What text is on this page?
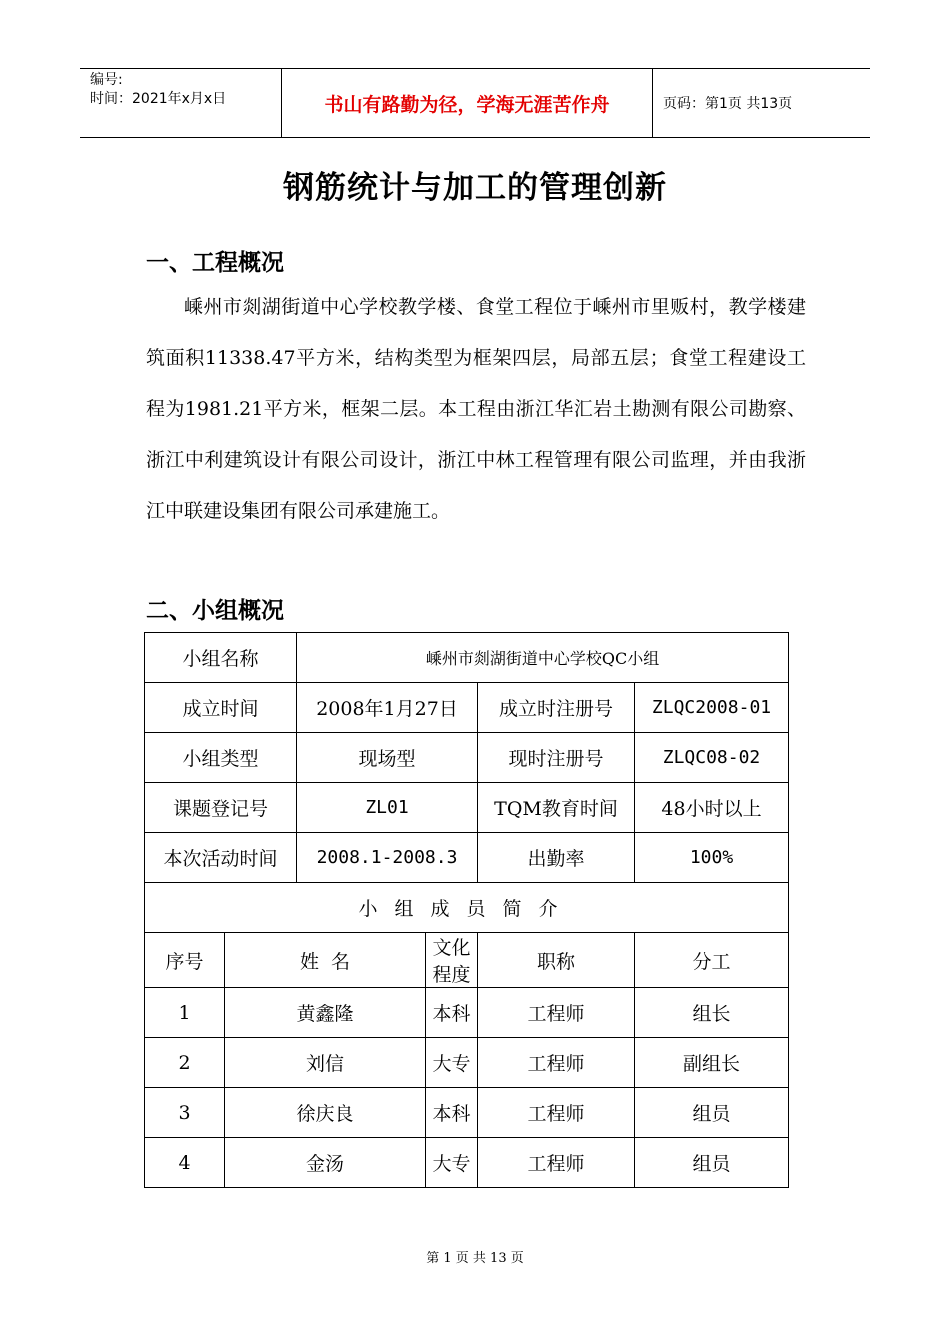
编号:
时间：2021年x月x日	书山有路勤为径，学海无涯苦作舟	页码：第1页 共13页
钢筋统计与加工的管理创新
一、工程概况
嵊州市剡湖街道中心学校教学楼、食堂工程位于嵊州市里贩村，教学楼建筑面积11338.47平方米，结构类型为框架四层，局部五层；食堂工程建设工程为1981.21平方米，框架二层。本工程由浙江华汇岩土勘测有限公司勘察、浙江中利建筑设计有限公司设计，浙江中林工程管理有限公司监理，并由我浙江中联建设集团有限公司承建施工。
二、小组概况
小组名称		嵊州市剡湖街道中心学校QC小组			
成立时间		2008年1月27日		成立时注册号	ZLQC2008-01
小组类型		现场型		现时注册号	ZLQC08-02
课题登记号		ZL01		TQM教育时间	48小时以上
本次活动时间		2008.1-2008.3		出勤率	100%
小组成员简介					
序号	姓  名		文化程度	职称	分工
1	黄鑫隆		本科	工程师	组长
2	刘信		大专	工程师	副组长
3	徐庆良		本科	工程师	组员
4	金汤		大专	工程师	组员
第 1 页 共 13 页
